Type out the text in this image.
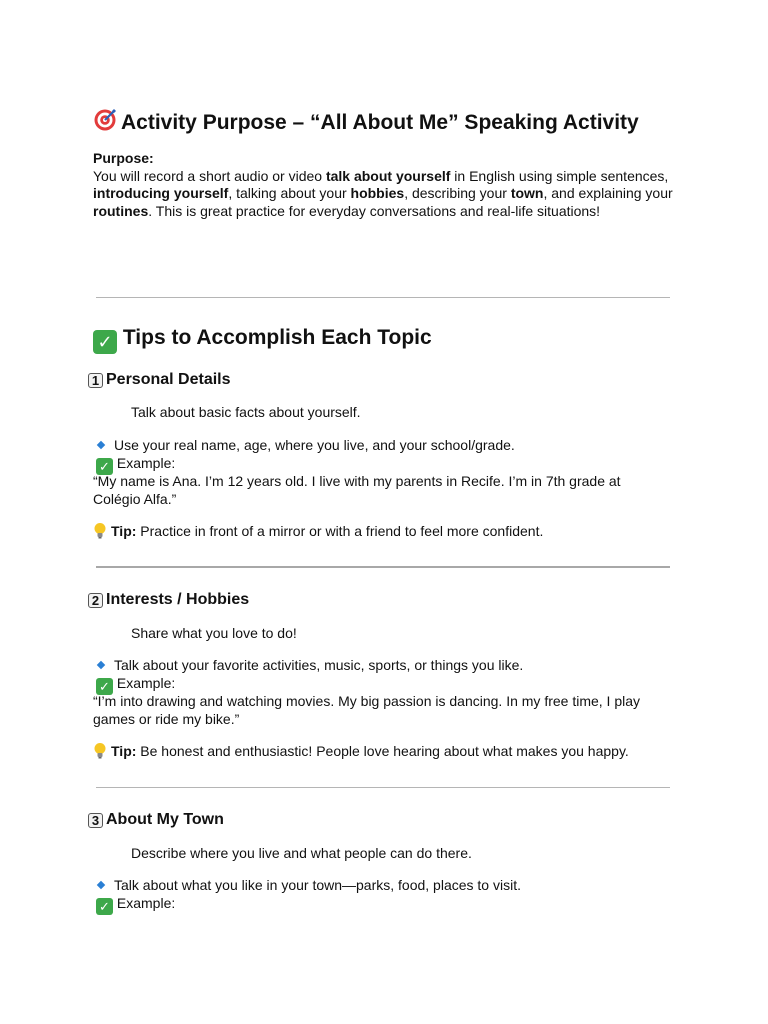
Activity Purpose – “All About Me” Speaking Activity
Purpose:
You will record a short audio or video talk about yourself in English using simple sentences, introducing yourself, talking about your hobbies, describing your town, and explaining your routines. This is great practice for everyday conversations and real-life situations!
✓ Tips to Accomplish Each Topic
1 Personal Details
Talk about basic facts about yourself.
Use your real name, age, where you live, and your school/grade.
✓ Example:
“My name is Ana. I’m 12 years old. I live with my parents in Recife. I’m in 7th grade at Colégio Alfa.”
Tip: Practice in front of a mirror or with a friend to feel more confident.
2 Interests / Hobbies
Share what you love to do!
Talk about your favorite activities, music, sports, or things you like.
✓ Example:
“I’m into drawing and watching movies. My big passion is dancing. In my free time, I play games or ride my bike.”
Tip: Be honest and enthusiastic! People love hearing about what makes you happy.
3 About My Town
Describe where you live and what people can do there.
Talk about what you like in your town—parks, food, places to visit.
✓ Example:
